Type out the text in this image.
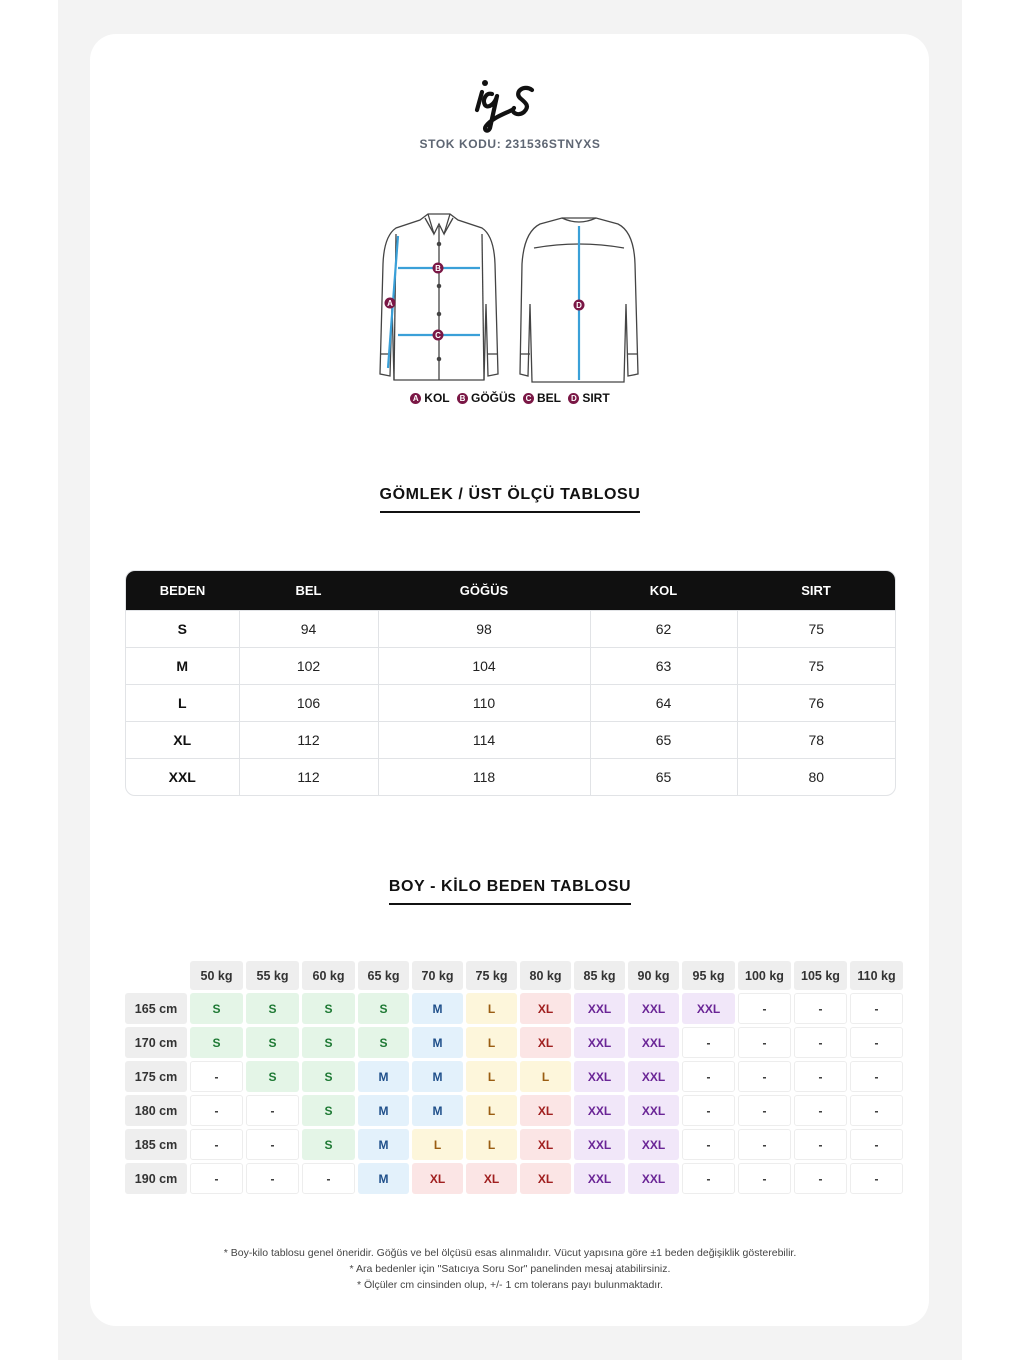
STOK KODU: 231536STNYXS
A
B
C
D
A KOL B GÖĞÜS C BEL D SIRT
GÖMLEK / ÜST ÖLÇÜ TABLOSU
BEDEN	BEL	GÖĞÜS	KOL	SIRT
S	94	98	62	75
M	102	104	63	75
L	106	110	64	76
XL	112	114	65	78
XXL	112	118	65	80
BOY - KİLO BEDEN TABLOSU
	50 kg	55 kg	60 kg	65 kg	70 kg	75 kg	80 kg	85 kg	90 kg	95 kg	100 kg	105 kg	110 kg
165 cm	S	S	S	S	M	L	XL	XXL	XXL	XXL	-	-	-
170 cm	S	S	S	S	M	L	XL	XXL	XXL	-	-	-	-
175 cm	-	S	S	M	M	L	L	XXL	XXL	-	-	-	-
180 cm	-	-	S	M	M	L	XL	XXL	XXL	-	-	-	-
185 cm	-	-	S	M	L	L	XL	XXL	XXL	-	-	-	-
190 cm	-	-	-	M	XL	XL	XL	XXL	XXL	-	-	-	-
* Boy-kilo tablosu genel öneridir. Göğüs ve bel ölçüsü esas alınmalıdır. Vücut yapısına göre ±1 beden değişiklik gösterebilir.
* Ara bedenler için "Satıcıya Soru Sor" panelinden mesaj atabilirsiniz.
* Ölçüler cm cinsinden olup, +/- 1 cm tolerans payı bulunmaktadır.
